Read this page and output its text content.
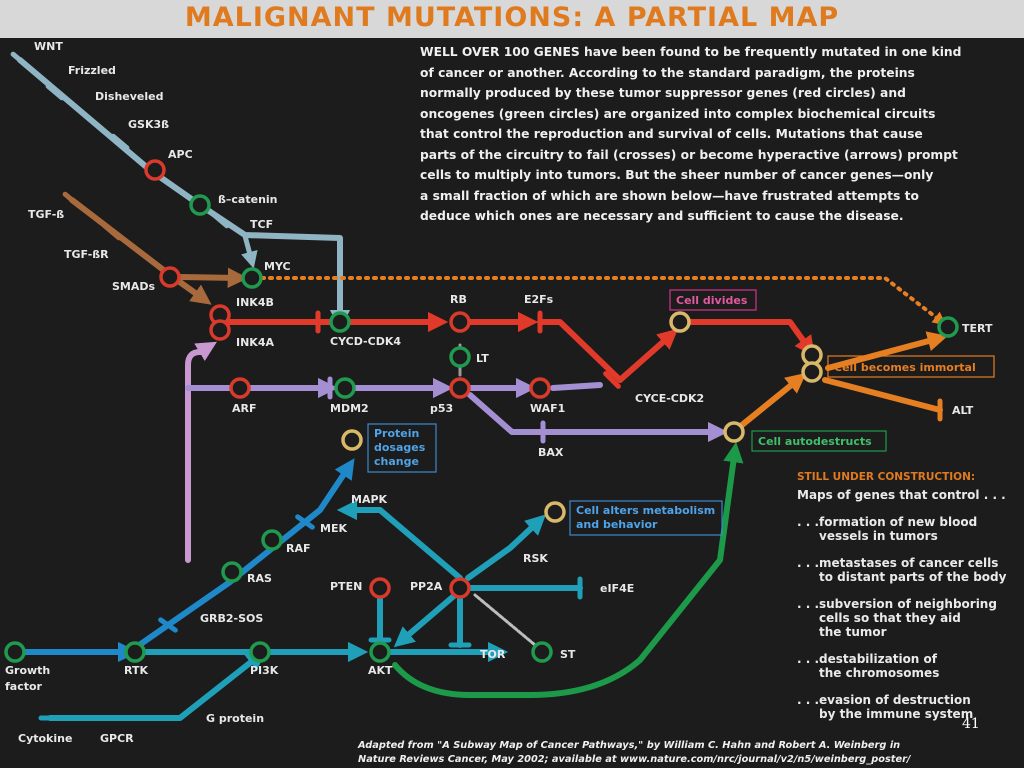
MALIGNANT MUTATIONS: A PARTIAL MAP
WNT
Frizzled
Disheveled
GSK3ß
APC
ß–catenin
TCF
TGF-ß
TGF-ßR
SMADs
MYC
INK4B
INK4A	CYCD-CDK4
RB	E2Fs
LT
ARF	MDM2	p53	WAF1
CYCE-CDK2
BAX
TERT
ALT
MAPK
MEK
RAF
RAS
GRB2-SOS
PTEN	PP2A
RSK
eIF4E
TOR	ST
Growth
factor
RTK	PI3K	AKT
G protein
Cytokine	GPCR
Cell divides
Cell becomes immortal
Cell autodestructs
Protein
dosages
change
Cell alters metabolism
and behavior

WELL OVER 100 GENES have been found to be frequently mutated in one kind

of cancer or another. According to the standard paradigm, the proteins

normally produced by these tumor suppressor genes (red circles) and

oncogenes (green circles) are organized into complex biochemical circuits

that control the reproduction and survival of cells. Mutations that cause

parts of the circuitry to fail (crosses) or become hyperactive (arrows) prompt

cells to multiply into tumors. But the sheer number of cancer genes—only

a small fraction of which are shown below—have frustrated attempts to

deduce which ones are necessary and sufficient to cause the disease.

STILL UNDER CONSTRUCTION:
Maps of genes that control . . .
. . . formation of new blood
vessels in tumors
. . . metastases of cancer cells
to distant parts of the body
. . . subversion of neighboring
cells so that they aid
the tumor
. . . destabilization of
the chromosomes
. . . evasion of destruction
by the immune system
Adapted from "A Subway Map of Cancer Pathways," by William C. Hahn and Robert A. Weinberg in
Nature Reviews Cancer, May 2002; available at www.nature.com/nrc/journal/v2/n5/weinberg_poster/
41
